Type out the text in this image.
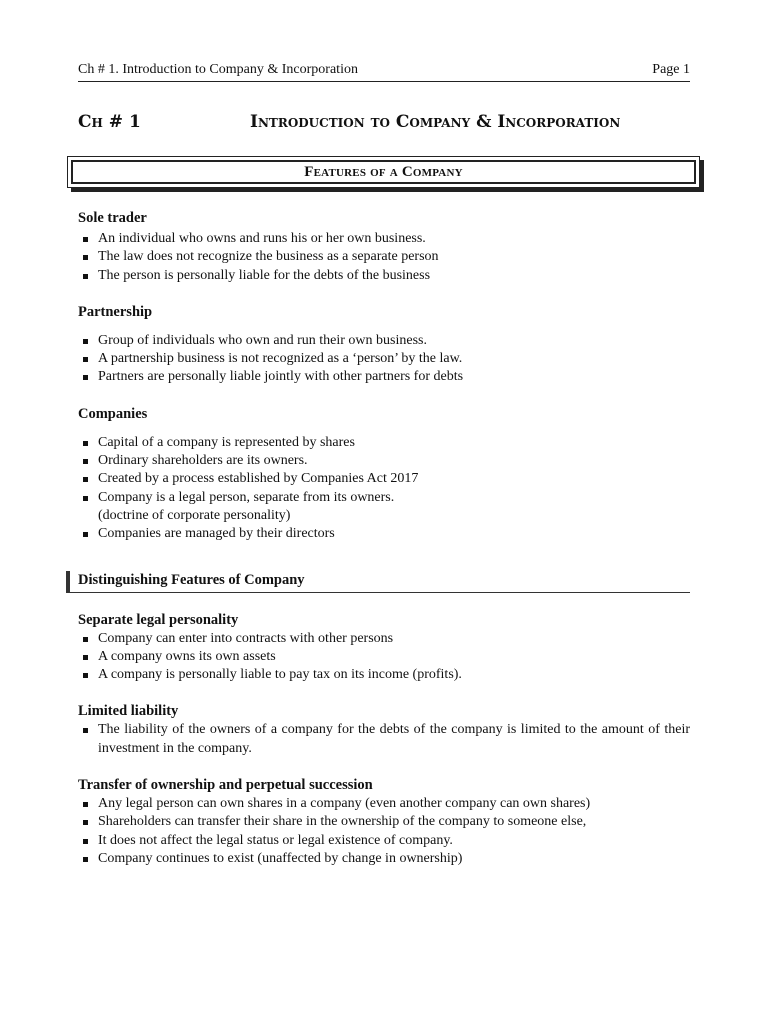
Ch # 1. Introduction to Company & Incorporation	Page 1
Ch # 1	Introduction to Company & Incorporation
Features of a Company

Sole trader

An individual who owns and runs his or her own business.
The law does not recognize the business as a separate person
The person is personally liable for the debts of the business

Partnership

Group of individuals who own and run their own business.
A partnership business is not recognized as a ‘person’ by the law.
Partners are personally liable jointly with other partners for debts

Companies

Capital of a company is represented by shares
Ordinary shareholders are its owners.
Created by a process established by Companies Act 2017
Company is a legal person, separate from its owners.
(doctrine of corporate personality)
Companies are managed by their directors
Distinguishing Features of Company

Separate legal personality

Company can enter into contracts with other persons
A company owns its own assets
A company is personally liable to pay tax on its income (profits).

Limited liability

The liability of the owners of a company for the debts of the company is limited to the amount of their investment in the company.

Transfer of ownership and perpetual succession

Any legal person can own shares in a company (even another company can own shares)
Shareholders can transfer their share in the ownership of the company to someone else,
It does not affect the legal status or legal existence of company.
Company continues to exist (unaffected by change in ownership)
